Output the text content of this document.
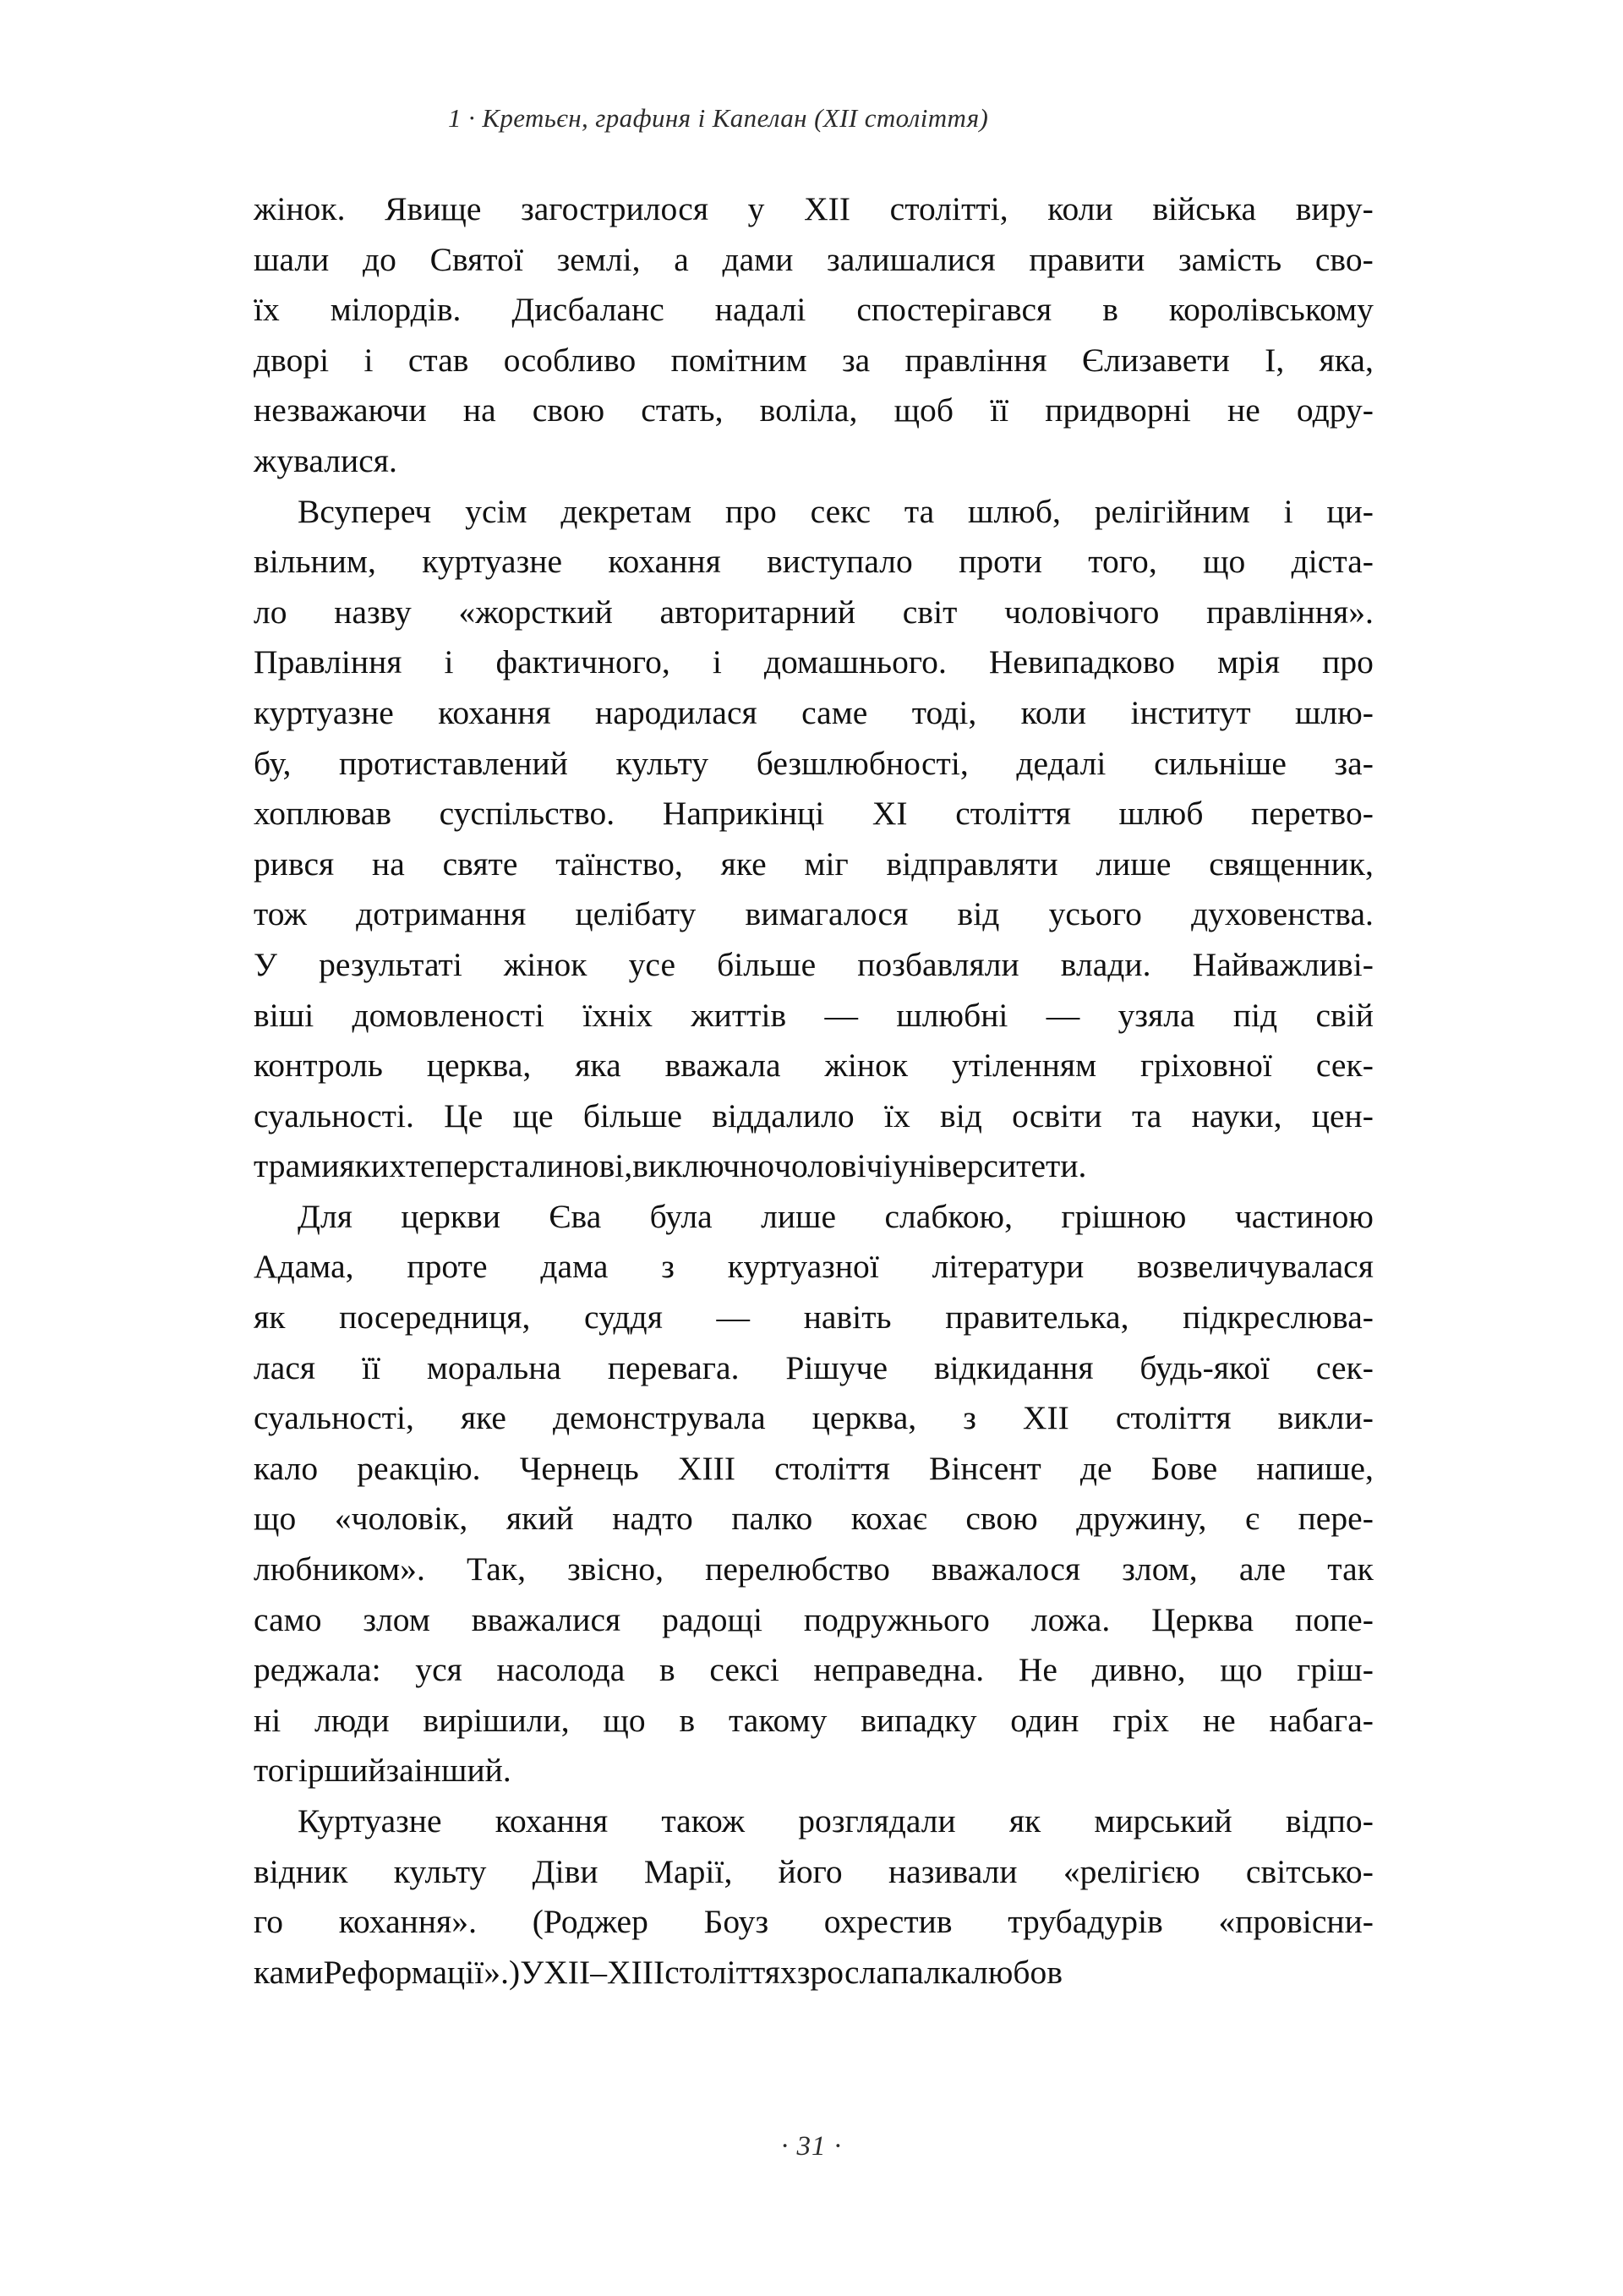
1 · Кретьєн, графиня і Капелан (XII століття)

жінок. Явище загострилося у XII столітті, коли війська виру-
шали до Святої землі, а дами залишалися правити замість сво-
їх мілордів. Дисбаланс надалі спостерігався в королівському
дворі і став особливо помітним за правління Єлизавети I, яка,
незважаючи на свою стать, воліла, щоб її придворні не одру-
жувалися.

Всупереч усім декретам про секс та шлюб, релігійним і ци-
вільним, куртуазне кохання виступало проти того, що діста-
ло назву «жорсткий авторитарний світ чоловічого правління».
Правління і фактичного, і домашнього. Невипадково мрія про
куртуазне кохання народилася саме тоді, коли інститут шлю-
бу, протиставлений культу безшлюбності, дедалі сильніше за-
хоплював суспільство. Наприкінці XI століття шлюб перетво-
рився на святе таїнство, яке міг відправляти лише священник,
тож дотримання целібату вимагалося від усього духовенства.
У результаті жінок усе більше позбавляли влади. Найважливі-
віші домовленості їхніх життів — шлюбні — узяла під свій
контроль церква, яка вважала жінок утіленням гріховної сек-
суальності. Це ще більше віддалило їх від освіти та науки, цен-
трами яких тепер стали нові, виключно чоловічі університети.

Для церкви Єва була лише слабкою, грішною частиною
Адама, проте дама з куртуазної літератури возвеличувалася
як посередниця, суддя — навіть правителька, підкреслюва-
лася її моральна перевага. Рішуче відкидання будь-якої сек-
суальності, яке демонструвала церква, з XII століття викли-
кало реакцію. Чернець XIII століття Вінсент де Бове напише,
що «чоловік, який надто палко кохає свою дружину, є пере-
любником». Так, звісно, перелюбство вважалося злом, але так
само злом вважалися радощі подружнього ложа. Церква попе-
реджала: уся насолода в сексі неправедна. Не дивно, що гріш-
ні люди вирішили, що в такому випадку один гріх не набага-
то гірший за інший.

Куртуазне кохання також розглядали як мирський відпо-
відник культу Діви Марії, його називали «релігією світсько-
го кохання». (Роджер Боуз охрестив трубадурів «провісни-
ками Реформації».) У XII–XIII століттях зросла палка любов

· 31 ·
